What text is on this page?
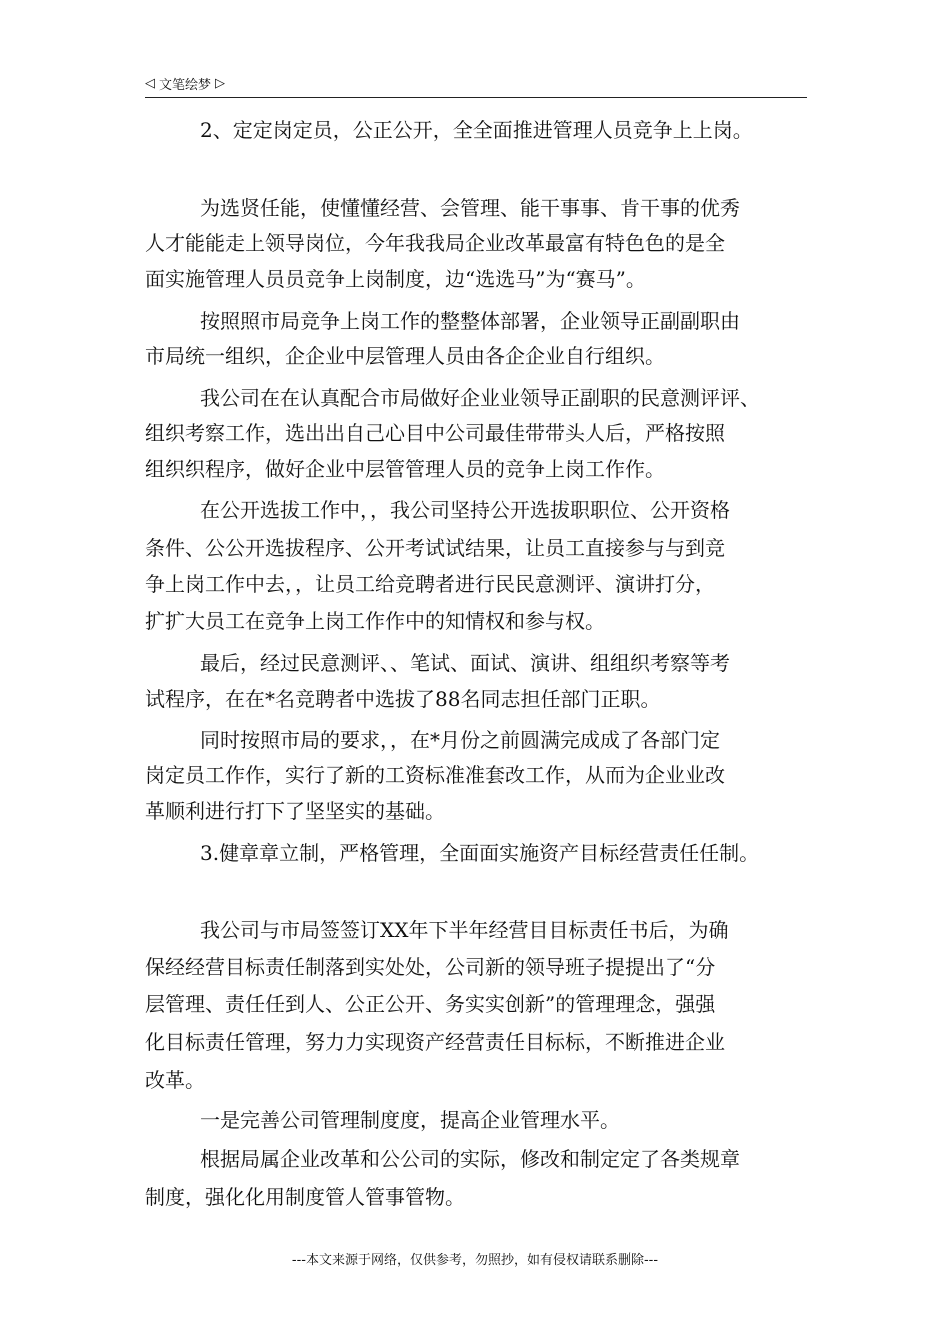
◁ 文笔绘梦 ▷
2、定定岗定员，公正公开，全全面推进管理人员竞争上上岗。
为选贤任能，使懂懂经营、会管理、能干事事、肯干事的优秀
人才能能走上领导岗位，今年我我局企业改革最富有特色色的是全
面实施管理人员员竞争上岗制度，边“选选马”为“赛马”。
按照照市局竞争上岗工作的整整体部署，企业领导正副副职由
市局统一组织，企企业中层管理人员由各企企业自行组织。
我公司在在认真配合市局做好企业业领导正副职的民意测评评、
组织考察工作，选出出自己心目中公司最佳带带头人后，严格按照
组织织程序，做好企业中层管管理人员的竞争上岗工作作。
在公开选拔工作中，，我公司坚持公开选拔职职位、公开资格
条件、公公开选拔程序、公开考试试结果，让员工直接参与与到竞
争上岗工作中去，，让员工给竞聘者进行民民意测评、演讲打分，
扩扩大员工在竞争上岗工作作中的知情权和参与权。
最后，经过民意测评、、笔试、面试、演讲、组组织考察等考
试程序，在在*名竞聘者中选拔了88名同志担任部门正职。
同时按照市局的要求，，在*月份之前圆满完成成了各部门定
岗定员工作作，实行了新的工资标准准套改工作，从而为企业业改
革顺利进行打下了坚坚实的基础。
3.健章章立制，严格管理，全面面实施资产目标经营责任任制。
我公司与市局签签订XX年下半年经营目目标责任书后，为确
保经经营目标责任制落到实处处，公司新的领导班子提提出了“分
层管理、责任任到人、公正公开、务实实创新”的管理理念，强强
化目标责任管理，努力力实现资产经营责任目标标，不断推进企业
改革。
一是完善公司管理制度度，提高企业管理水平。
根据局属企业改革和公公司的实际，修改和制定定了各类规章
制度，强化化用制度管人管事管物。
---本文来源于网络，仅供参考，勿照抄，如有侵权请联系删除---
